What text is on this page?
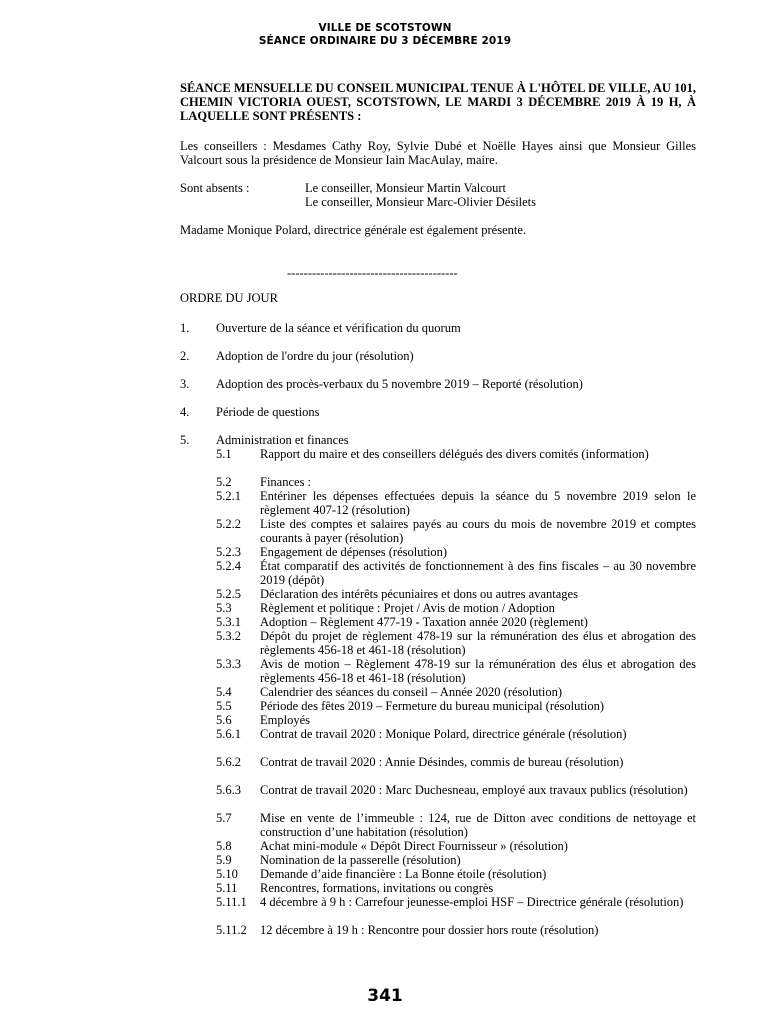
VILLE DE SCOTSTOWN
SÉANCE ORDINAIRE DU 3 DÉCEMBRE 2019
SÉANCE MENSUELLE DU CONSEIL MUNICIPAL TENUE À L'HÔTEL DE VILLE, AU 101, CHEMIN VICTORIA OUEST, SCOTSTOWN, LE MARDI 3 DÉCEMBRE 2019 À 19 H, À LAQUELLE SONT PRÉSENTS :
Les conseillers : Mesdames Cathy Roy, Sylvie Dubé et Noëlle Hayes ainsi que Monsieur Gilles Valcourt sous la présidence de Monsieur Iain MacAulay, maire.
Sont absents :	Le conseiller, Monsieur Martin Valcourt
Le conseiller, Monsieur Marc-Olivier Désilets
Madame Monique Polard, directrice générale est également présente.
-----------------------------------------
ORDRE DU JOUR
1. Ouverture de la séance et vérification du quorum
2. Adoption de l'ordre du jour (résolution)
3. Adoption des procès-verbaux du 5 novembre 2019 – Reporté (résolution)
4. Période de questions
5. Administration et finances
5.1 Rapport du maire et des conseillers délégués des divers comités (information)
5.2 Finances :
5.2.1 Entériner les dépenses effectuées depuis la séance du 5 novembre 2019 selon le règlement 407-12 (résolution)
5.2.2 Liste des comptes et salaires payés au cours du mois de novembre 2019 et comptes courants à payer (résolution)
5.2.3 Engagement de dépenses (résolution)
5.2.4 État comparatif des activités de fonctionnement à des fins fiscales – au 30 novembre 2019 (dépôt)
5.2.5 Déclaration des intérêts pécuniaires et dons ou autres avantages
5.3 Règlement et politique : Projet / Avis de motion / Adoption
5.3.1 Adoption – Règlement 477-19 - Taxation année 2020 (règlement)
5.3.2 Dépôt du projet de règlement 478-19 sur la rémunération des élus et abrogation des règlements 456-18 et 461-18 (résolution)
5.3.3 Avis de motion – Règlement 478-19 sur la rémunération des élus et abrogation des règlements 456-18 et 461-18 (résolution)
5.4 Calendrier des séances du conseil – Année 2020 (résolution)
5.5 Période des fêtes 2019 – Fermeture du bureau municipal (résolution)
5.6 Employés
5.6.1 Contrat de travail 2020 : Monique Polard, directrice générale (résolution)
5.6.2 Contrat de travail 2020 : Annie Désindes, commis de bureau (résolution)
5.6.3 Contrat de travail 2020 : Marc Duchesneau, employé aux travaux publics (résolution)
5.7 Mise en vente de l’immeuble : 124, rue de Ditton avec conditions de nettoyage et construction d’une habitation (résolution)
5.8 Achat mini-module « Dépôt Direct Fournisseur » (résolution)
5.9 Nomination de la passerelle (résolution)
5.10 Demande d’aide financière : La Bonne étoile (résolution)
5.11 Rencontres, formations, invitations ou congrès
5.11.1 4 décembre à 9 h : Carrefour jeunesse-emploi HSF – Directrice générale (résolution)
5.11.2 12 décembre à 19 h : Rencontre pour dossier hors route (résolution)
341
